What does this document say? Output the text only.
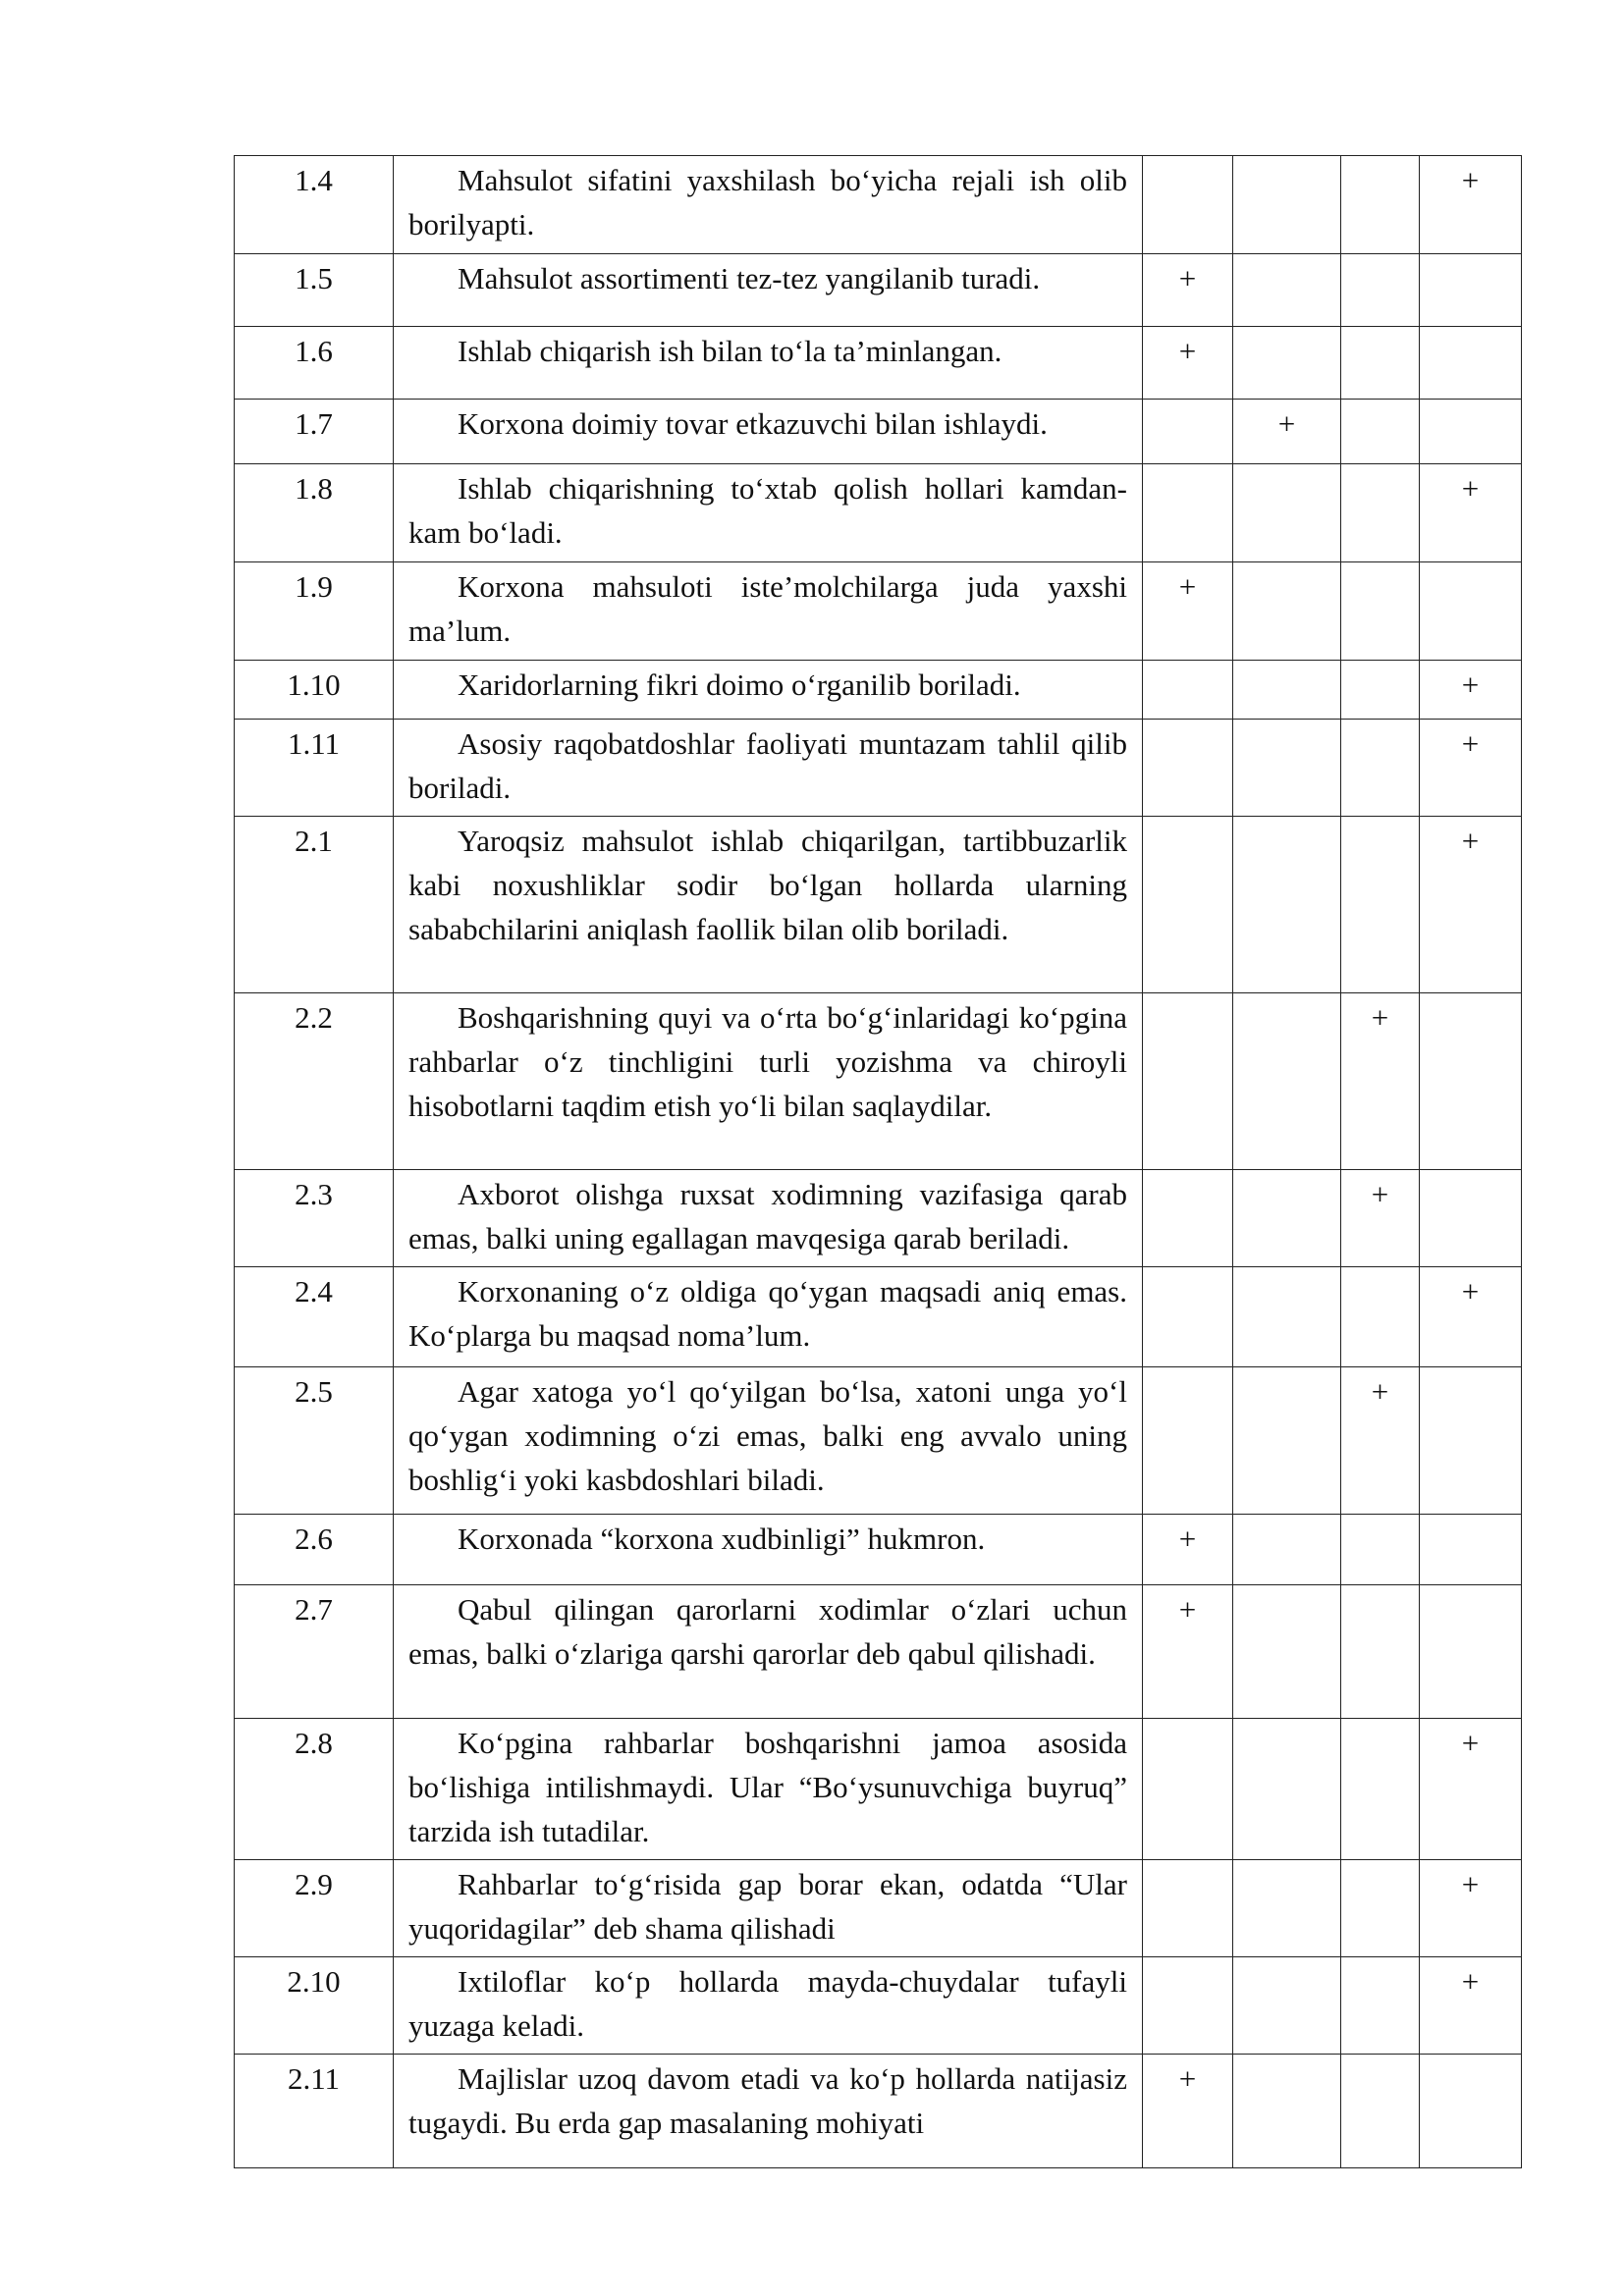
1.4	Mahsulot sifatini yaxshilash bo‘yicha rejali ish olib borilyapti.				+
1.5	Mahsulot assortimenti tez-tez yangilanib turadi.	+			
1.6	Ishlab chiqarish ish bilan to‘la ta’minlangan.	+			
1.7	Korxona doimiy tovar etkazuvchi bilan ishlaydi.		+		
1.8	Ishlab chiqarishning to‘xtab qolish hollari kamdan-kam bo‘ladi.				+
1.9	Korxona mahsuloti iste’molchilarga juda yaxshi ma’lum.	+			
1.10	Xaridorlarning fikri doimo o‘rganilib boriladi.				+
1.11	Asosiy raqobatdoshlar faoliyati muntazam tahlil qilib boriladi.				+
2.1	Yaroqsiz mahsulot ishlab chiqarilgan, tartibbuzarlik kabi noxushliklar sodir bo‘lgan hollarda ularning sababchilarini aniqlash faollik bilan olib boriladi.				+
2.2	Boshqarishning quyi va o‘rta bo‘g‘inlaridagi ko‘pgina rahbarlar o‘z tinchligini turli yozishma va chiroyli hisobotlarni taqdim etish yo‘li bilan saqlaydilar.			+	
2.3	Axborot olishga ruxsat xodimning vazifasiga qarab emas, balki uning egallagan mavqesiga qarab beriladi.			+	
2.4	Korxonaning o‘z oldiga qo‘ygan maqsadi aniq emas. Ko‘plarga bu maqsad noma’lum.				+
2.5	Agar xatoga yo‘l qo‘yilgan bo‘lsa, xatoni unga yo‘l qo‘ygan xodimning o‘zi emas, balki eng avvalo uning boshlig‘i yoki kasbdoshlari biladi.			+	
2.6	Korxonada “korxona xudbinligi” hukmron.	+			
2.7	Qabul qilingan qarorlarni xodimlar o‘zlari uchun emas, balki o‘zlariga qarshi qarorlar deb qabul qilishadi.	+			
2.8	Ko‘pgina rahbarlar boshqarishni jamoa asosida bo‘lishiga intilishmaydi. Ular “Bo‘ysunuvchiga buyruq” tarzida ish tutadilar.				+
2.9	Rahbarlar to‘g‘risida gap borar ekan, odatda “Ular yuqoridagilar” deb shama qilishadi				+
2.10	Ixtiloflar ko‘p hollarda mayda-chuydalar tufayli yuzaga keladi.				+
2.11	Majlislar uzoq davom etadi va ko‘p hollarda natijasiz tugaydi. Bu erda gap masalaning mohiyati	+			
